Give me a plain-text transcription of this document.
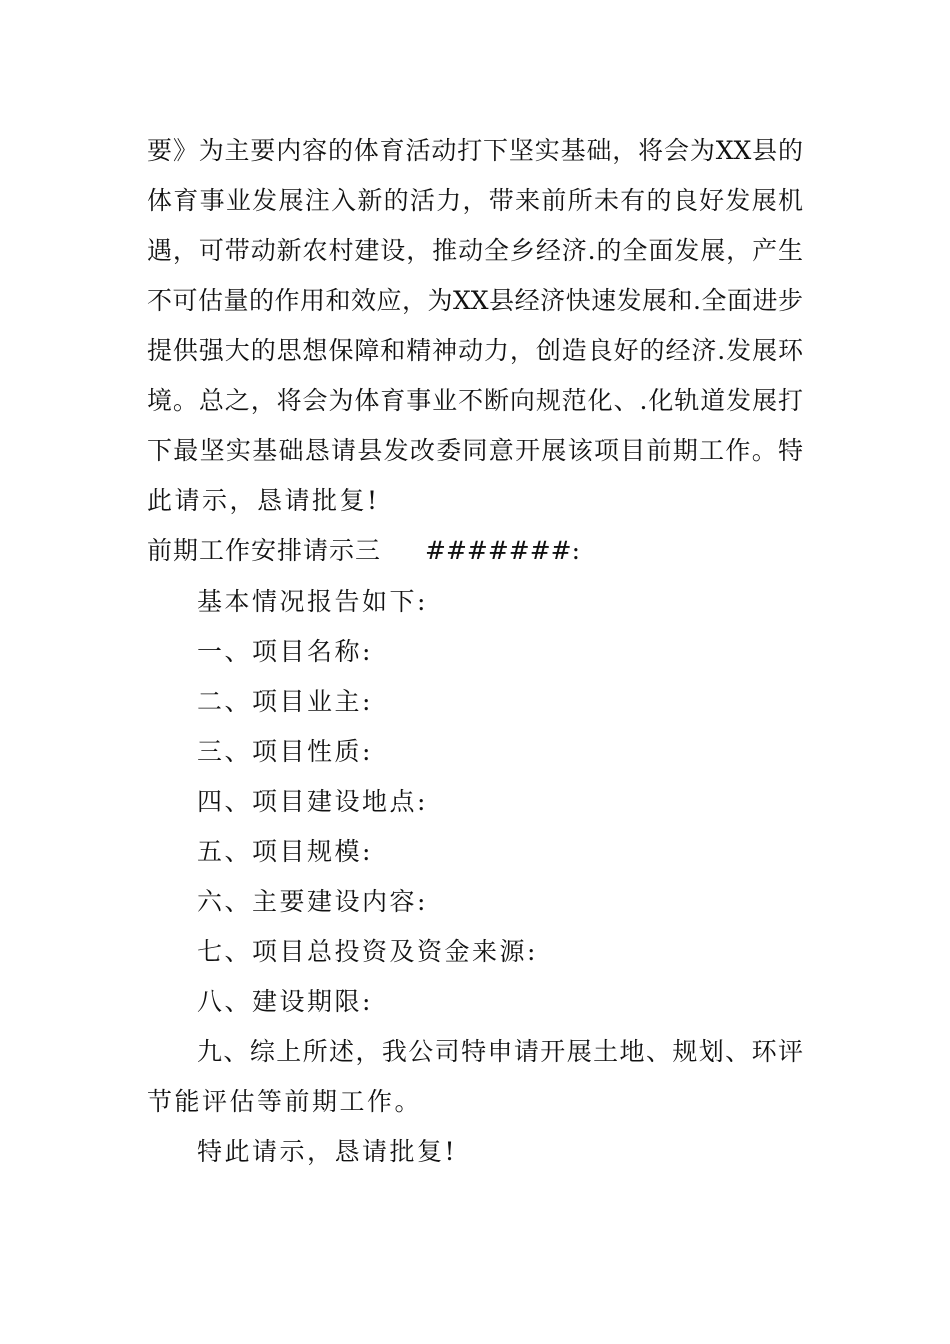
要》为主要内容的体育活动打下坚实基础，将会为XX县的
体育事业发展注入新的活力，带来前所未有的良好发展机
遇，可带动新农村建设，推动全乡经济.的全面发展，产生
不可估量的作用和效应，为XX县经济快速发展和.全面进步
提供强大的思想保障和精神动力，创造良好的经济.发展环
境。总之，将会为体育事业不断向规范化、.化轨道发展打
下最坚实基础恳请县发改委同意开展该项目前期工作。特
此请示，恳请批复!
前期工作安排请示三 #######:
基本情况报告如下:
一、项目名称:
二、项目业主:
三、项目性质:
四、项目建设地点:
五、项目规模:
六、主要建设内容:
七、项目总投资及资金来源:
八、建设期限:
九、综上所述，我公司特申请开展土地、规划、环评
节能评估等前期工作。
特此请示，恳请批复!
